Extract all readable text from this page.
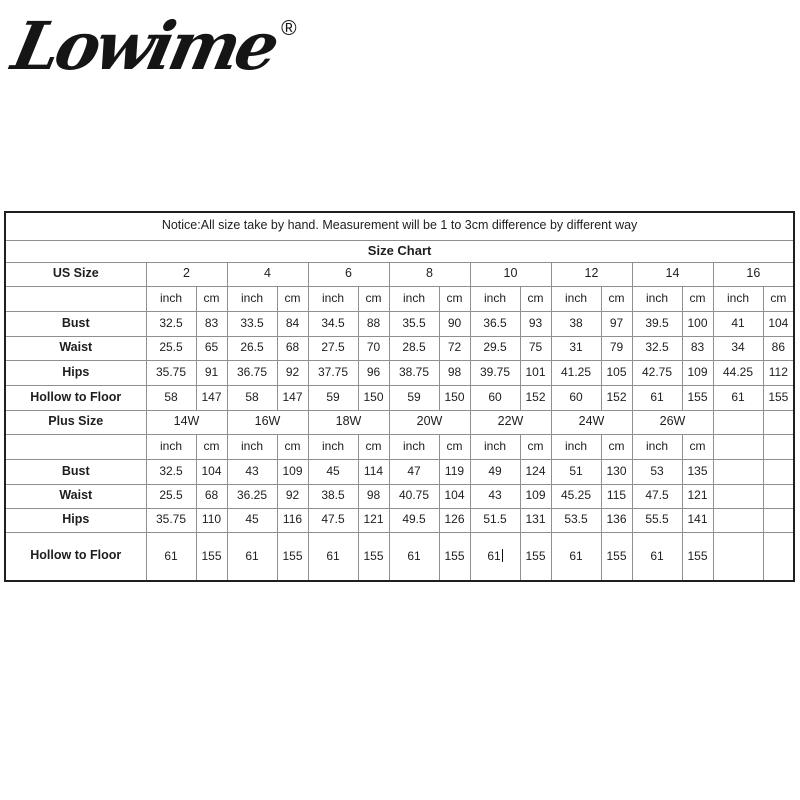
Lowime®
Notice:All size take by hand. Measurement will be 1 to 3cm difference by different way																
Size Chart																
US Size	2		4		6		8		10		12		14		16	
	inch	cm	inch	cm	inch	cm	inch	cm	inch	cm	inch	cm	inch	cm	inch	cm
Bust	32.5	83	33.5	84	34.5	88	35.5	90	36.5	93	38	97	39.5	100	41	104
Waist	25.5	65	26.5	68	27.5	70	28.5	72	29.5	75	31	79	32.5	83	34	86
Hips	35.75	91	36.75	92	37.75	96	38.75	98	39.75	101	41.25	105	42.75	109	44.25	112
Hollow to Floor	58	147	58	147	59	150	59	150	60	152	60	152	61	155	61	155
Plus Size	14W		16W		18W		20W		22W		24W		26W			
	inch	cm	inch	cm	inch	cm	inch	cm	inch	cm	inch	cm	inch	cm		
Bust	32.5	104	43	109	45	114	47	119	49	124	51	130	53	135		
Waist	25.5	68	36.25	92	38.5	98	40.75	104	43	109	45.25	115	47.5	121		
Hips	35.75	110	45	116	47.5	121	49.5	126	51.5	131	53.5	136	55.5	141		
Hollow to Floor	61	155	61	155	61	155	61	155	61	155	61	155	61	155		
